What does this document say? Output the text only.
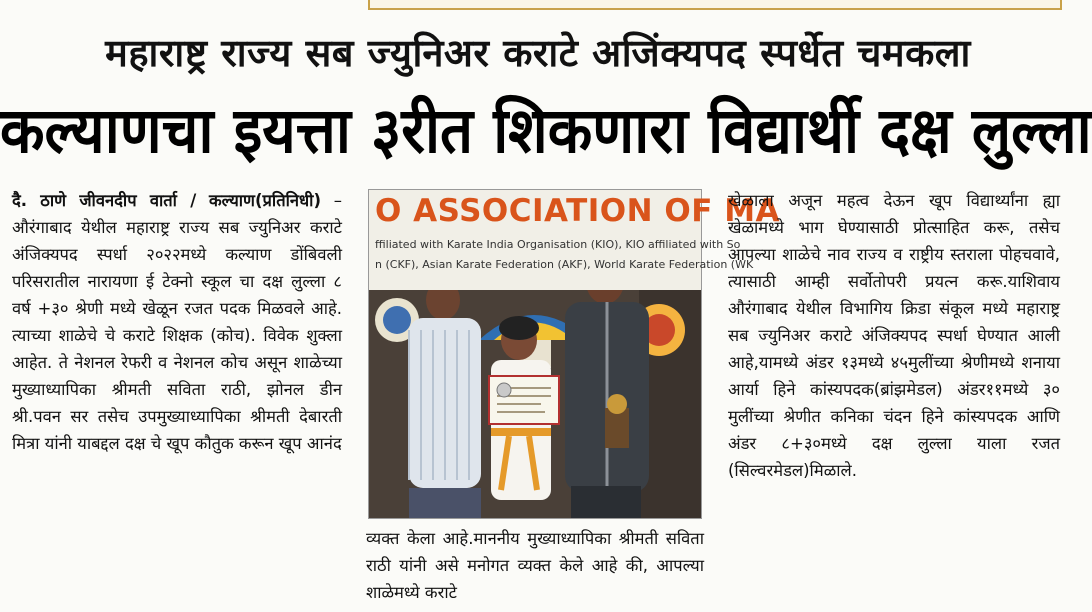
महाराष्ट्र राज्य सब ज्युनिअर कराटे अजिंक्यपद स्पर्धेत चमकला
कल्याणचा इयत्ता ३रीत शिकणारा विद्यार्थी दक्ष लुल्ला

दै. ठाणे जीवनदीप वार्ता / कल्याण(प्रतिनिधी) – औरंगाबाद येथील महाराष्ट्र राज्य सब ज्युनिअर कराटे अंजिक्यपद स्पर्धा २०२२मध्ये कल्याण डोंबिवली परिसरातील नारायणा ई टेक्नो स्कूल चा दक्ष लुल्ला ८ वर्ष +३० श्रेणी मध्ये खेळून रजत पदक मिळवले आहे. त्याच्या शाळेचे चे कराटे शिक्षक (कोच). विवेक शुक्ला आहेत. ते नेशनल रेफरी व नेशनल कोच असून शाळेच्या मुख्याध्यापिका श्रीमती सविता राठी, झोनल डीन श्री.पवन सर तसेच उपमुख्याध्यापिका श्रीमती देबारती मित्रा यांनी याबद्दल दक्ष चे खूप कौतुक करून खूप आनंद

O ASSOCIATION OF MA
ffiliated with Karate India Organisation (KIO), KIO affiliated with So
n (CKF), Asian Karate Federation (AKF), World Karate Federation (WK

व्यक्त केला आहे.माननीय मुख्याध्यापिका श्रीमती सविता राठी यांनी असे मनोगत व्यक्त केले आहे की, आपल्या शाळेमध्ये कराटे

खेळाला अजून महत्व देऊन खूप विद्यार्थ्यांना ह्या खेळामध्ये भाग घेण्यासाठी प्रोत्साहित करू, तसेच आपल्या शाळेचे नाव राज्य व राष्ट्रीय स्तराला पोहचवावे, त्यासाठी आम्ही सर्वोतोपरी प्रयत्न करू.याशिवाय औरंगाबाद येथील विभागिय क्रिडा संकूल मध्ये महाराष्ट्र सब ज्युनिअर कराटे अंजिक्यपद स्पर्धा घेण्यात आली आहे,यामध्ये अंडर १३मध्ये ४५मुलींच्या श्रेणीमध्ये शनाया आर्या हिने कांस्यपदक(ब्रांझमेडल) अंडर११मध्ये ३० मुलींच्या श्रेणीत कनिका चंदन हिने कांस्यपदक आणि अंडर ८+३०मध्ये दक्ष लुल्ला याला रजत (सिल्वरमेडल)मिळाले.
